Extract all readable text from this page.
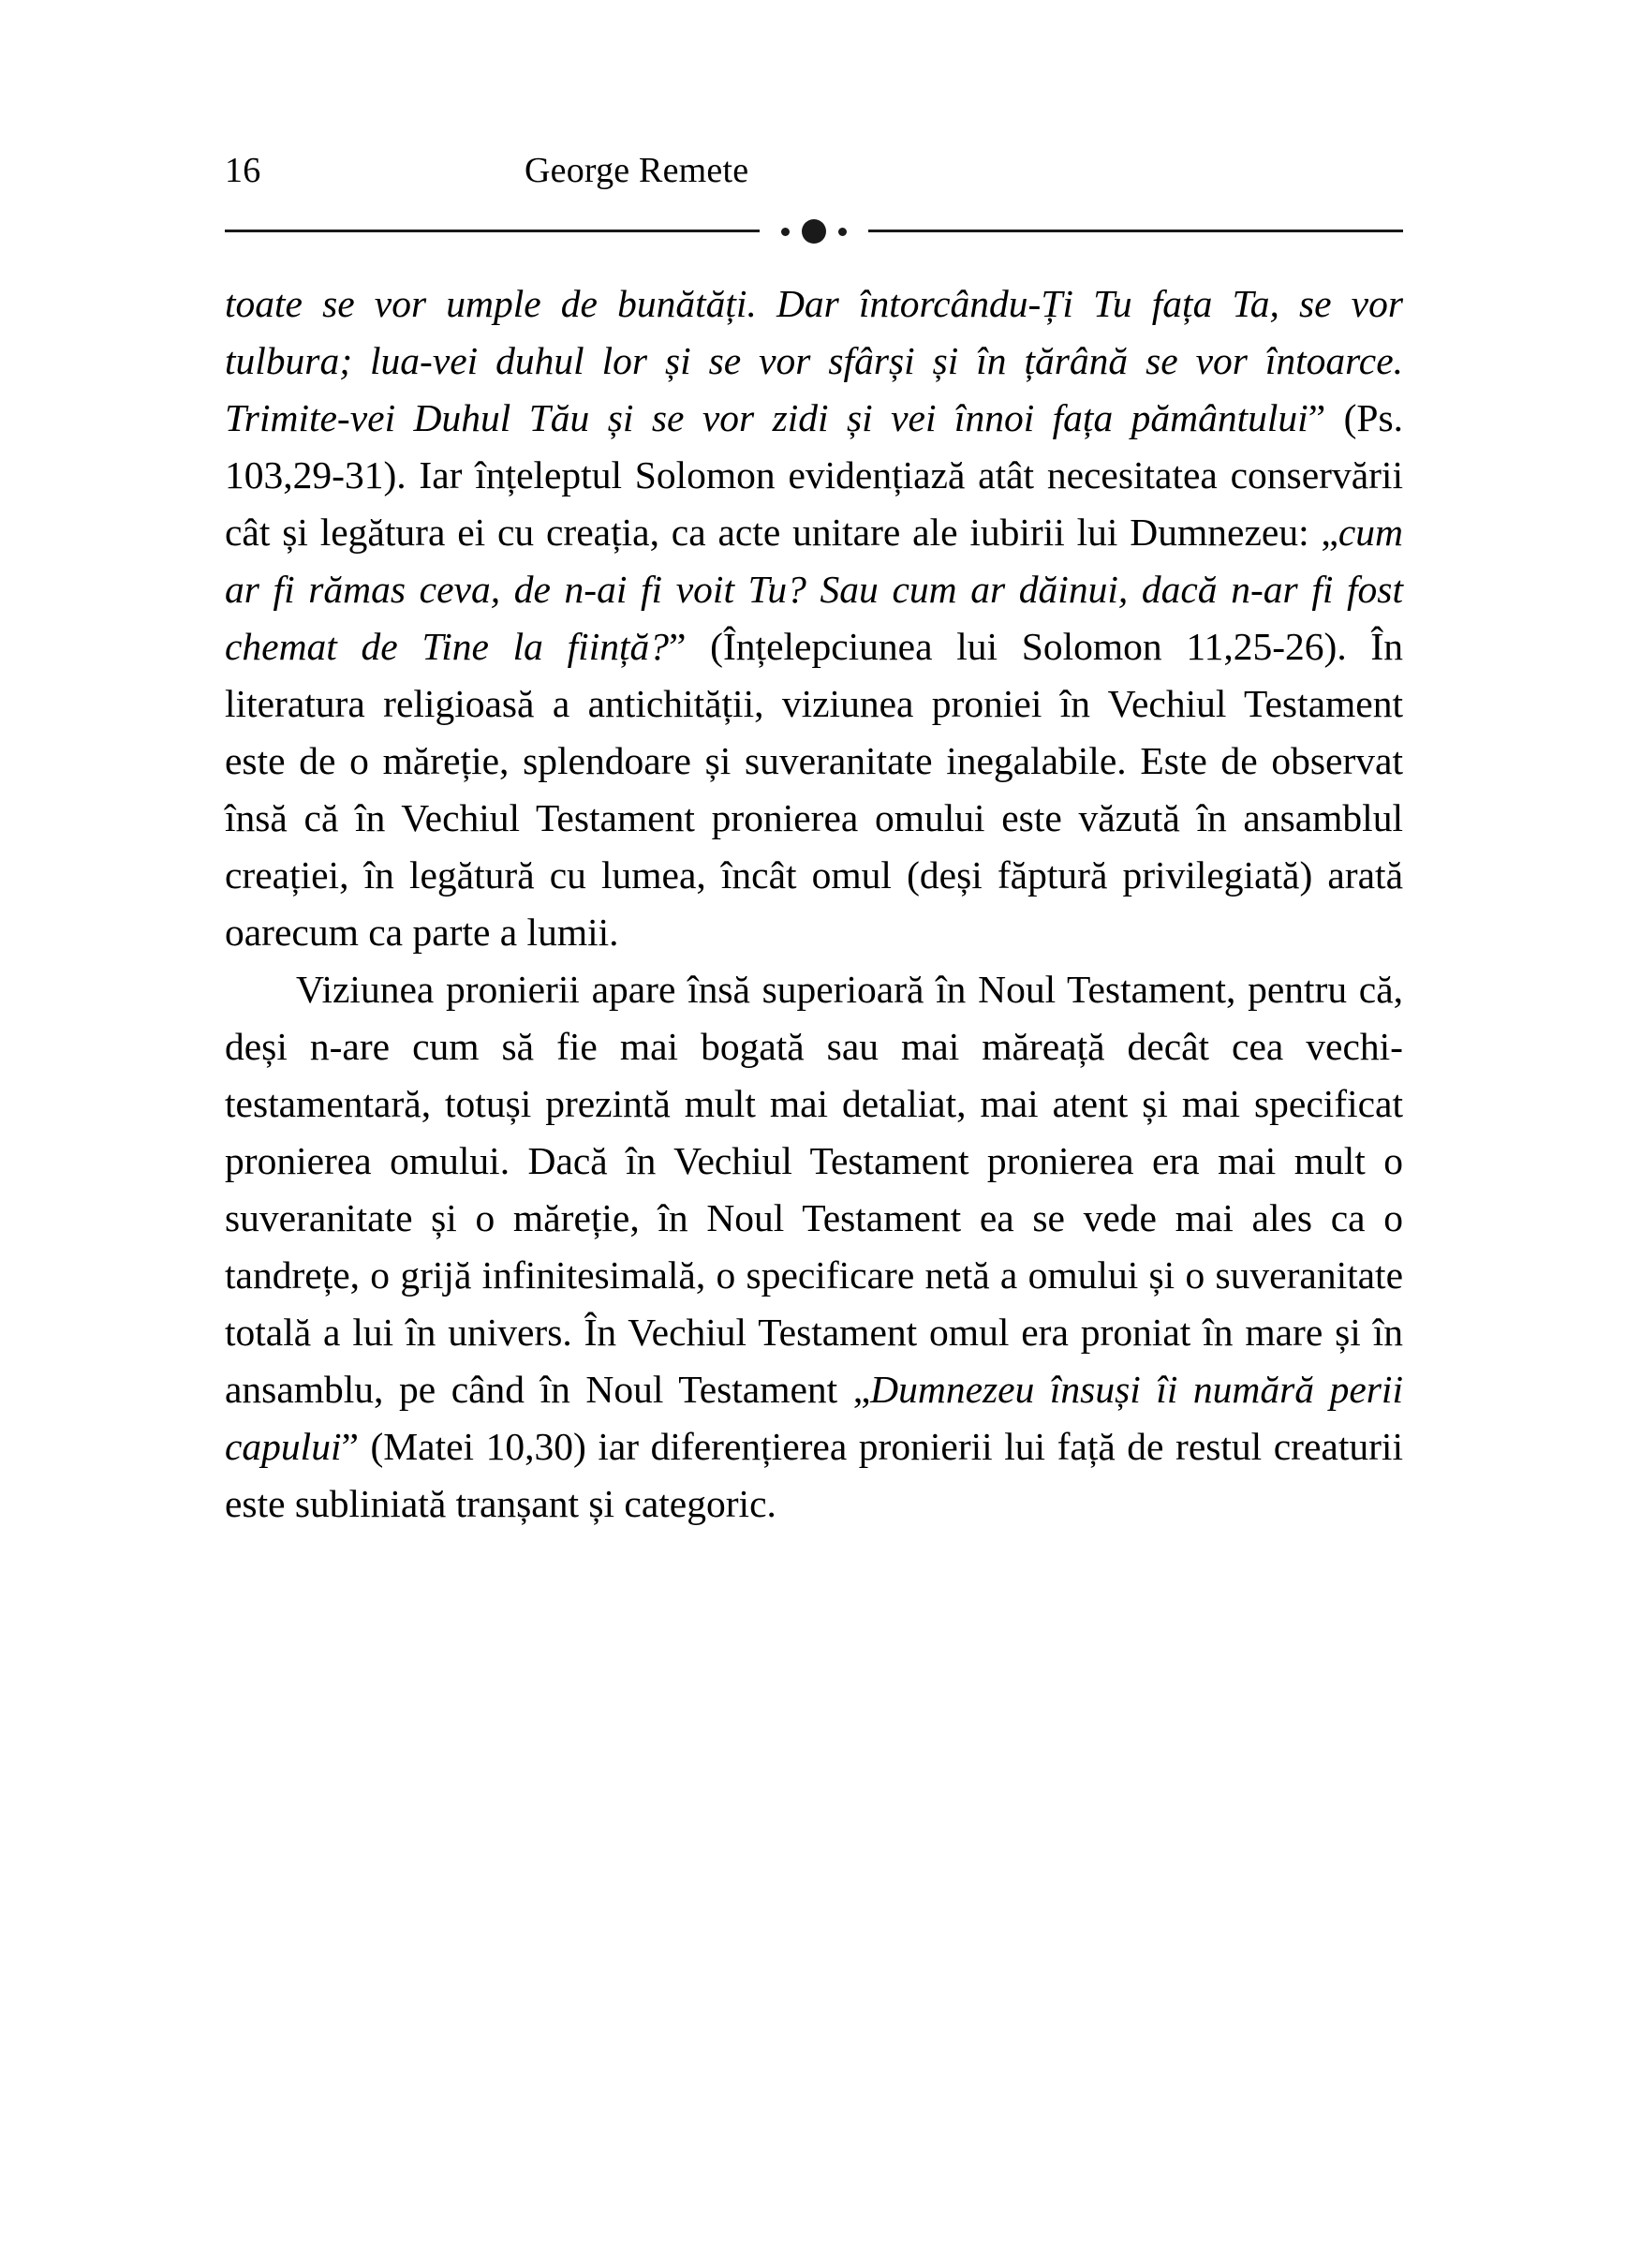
16	George Remete

toate se vor umple de bunătăți. Dar întorcându-Ți Tu fața Ta, se vor tulbura; lua-vei duhul lor și se vor sfârși și în țărână se vor întoarce. Trimite-vei Duhul Tău și se vor zidi și vei înnoi fața pământului” (Ps. 103,29-31). Iar înțeleptul Solomon evidențiază atât necesitatea conservării cât și legătura ei cu creația, ca acte unitare ale iubirii lui Dumnezeu: „cum ar fi rămas ceva, de n-ai fi voit Tu? Sau cum ar dăinui, dacă n-ar fi fost chemat de Tine la ființă?” (Înțelepciunea lui Solomon 11,25-26). În literatura religioasă a antichității, viziunea proniei în Vechiul Testament este de o măreție, splendoare și suveranitate inegalabile. Este de observat însă că în Vechiul Testament pronierea omului este văzută în ansamblul creației, în legătură cu lumea, încât omul (deși făptură privilegiată) arată oarecum ca parte a lumii.

Viziunea pronierii apare însă superioară în Noul Testament, pentru că, deși n-are cum să fie mai bogată sau mai măreață decât cea vechi-testamentară, totuși prezintă mult mai detaliat, mai atent și mai specificat pronierea omului. Dacă în Vechiul Testament pronierea era mai mult o suveranitate și o măreție, în Noul Testament ea se vede mai ales ca o tandrețe, o grijă infinitesimală, o specificare netă a omului și o suveranitate totală a lui în univers. În Vechiul Testament omul era proniat în mare și în ansamblu, pe când în Noul Testament „Dumnezeu însuși îi numără perii capului” (Matei 10,30) iar diferențierea pronierii lui față de restul creaturii este subliniată tranșant și categoric.
